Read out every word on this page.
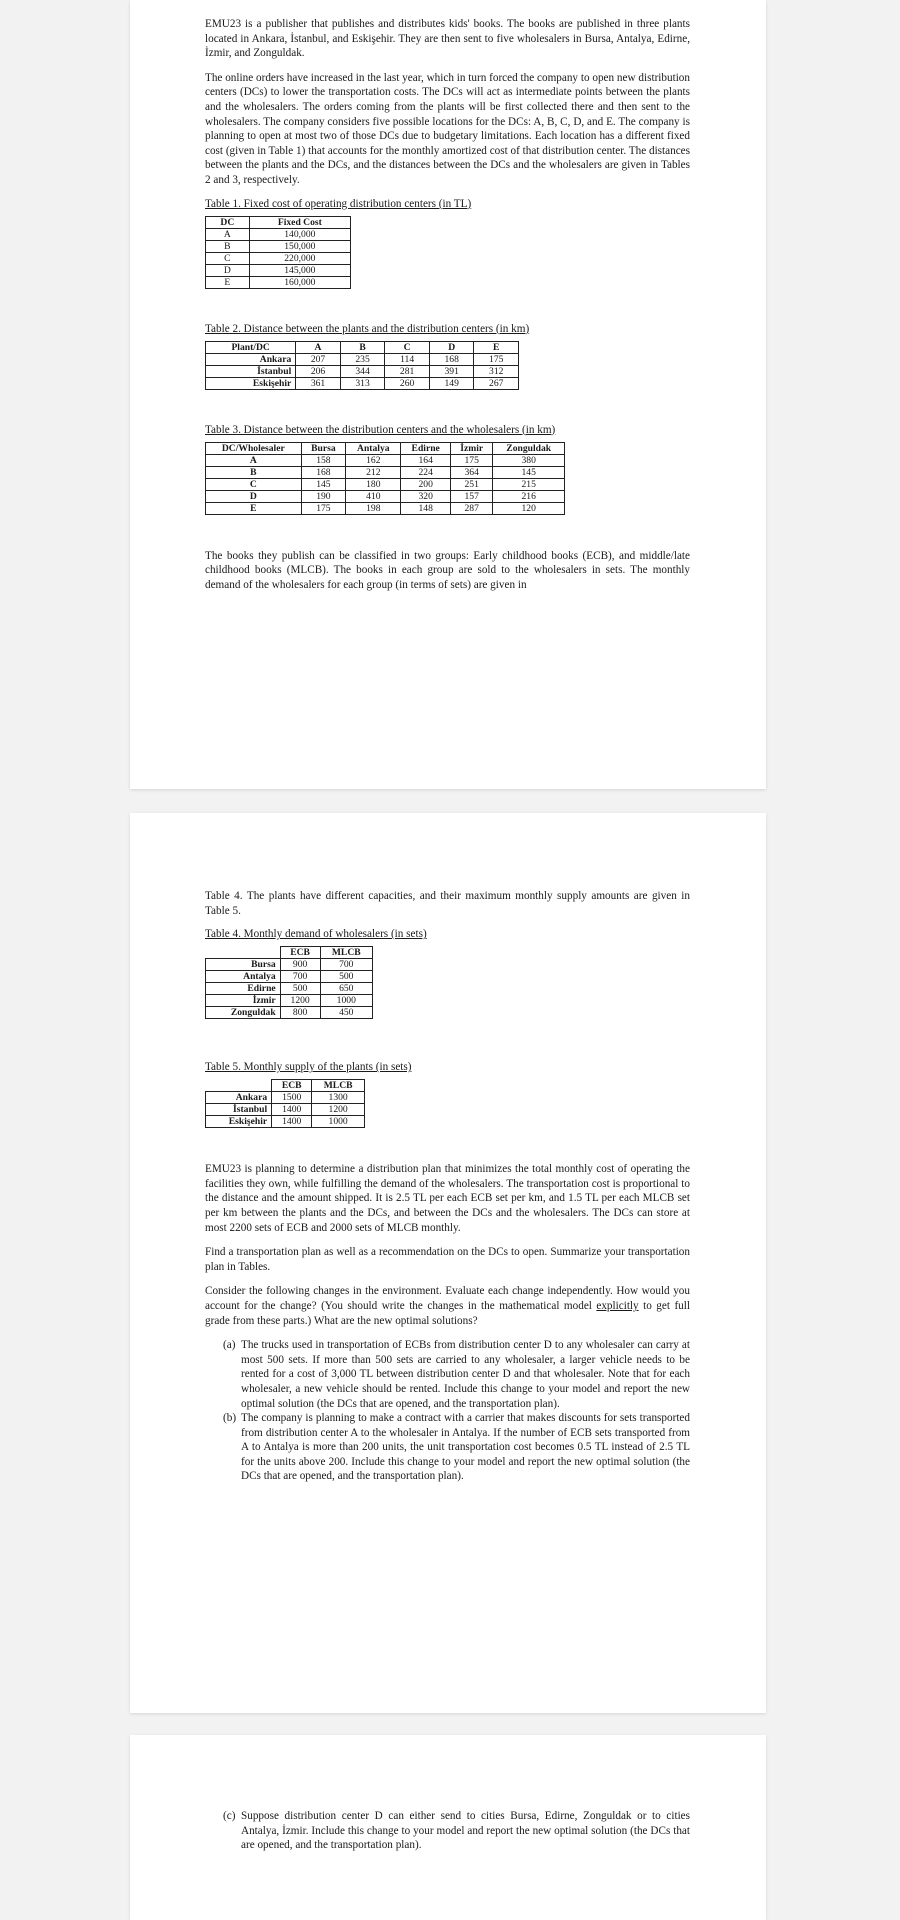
EMU23 is a publisher that publishes and distributes kids' books. The books are published in three plants located in Ankara, İstanbul, and Eskişehir. They are then sent to five wholesalers in Bursa, Antalya, Edirne, İzmir, and Zonguldak.

The online orders have increased in the last year, which in turn forced the company to open new distribution centers (DCs) to lower the transportation costs. The DCs will act as intermediate points between the plants and the wholesalers. The orders coming from the plants will be first collected there and then sent to the wholesalers. The company considers five possible locations for the DCs: A, B, C, D, and E. The company is planning to open at most two of those DCs due to budgetary limitations. Each location has a different fixed cost (given in Table 1) that accounts for the monthly amortized cost of that distribution center. The distances between the plants and the DCs, and the distances between the DCs and the wholesalers are given in Tables 2 and 3, respectively.

Table 1. Fixed cost of operating distribution centers (in TL)
DC	Fixed Cost
A	140,000
B	150,000
C	220,000
D	145,000
E	160,000
Table 2. Distance between the plants and the distribution centers (in km)
Plant/DC	A	B	C	D	E
Ankara	207	235	114	168	175
İstanbul	206	344	281	391	312
Eskişehir	361	313	260	149	267
Table 3. Distance between the distribution centers and the wholesalers (in km)
DC/Wholesaler	Bursa	Antalya	Edirne	İzmir	Zonguldak
A	158	162	164	175	380
B	168	212	224	364	145
C	145	180	200	251	215
D	190	410	320	157	216
E	175	198	148	287	120

The books they publish can be classified in two groups: Early childhood books (ECB), and middle/late childhood books (MLCB). The books in each group are sold to the wholesalers in sets. The monthly demand of the wholesalers for each group (in terms of sets) are given in

Table 4. The plants have different capacities, and their maximum monthly supply amounts are given in Table 5.

Table 4. Monthly demand of wholesalers (in sets)
	ECB	MLCB
Bursa	900	700
Antalya	700	500
Edirne	500	650
İzmir	1200	1000
Zonguldak	800	450
Table 5. Monthly supply of the plants (in sets)
	ECB	MLCB
Ankara	1500	1300
İstanbul	1400	1200
Eskişehir	1400	1000

EMU23 is planning to determine a distribution plan that minimizes the total monthly cost of operating the facilities they own, while fulfilling the demand of the wholesalers. The transportation cost is proportional to the distance and the amount shipped. It is 2.5 TL per each ECB set per km, and 1.5 TL per each MLCB set per km between the plants and the DCs, and between the DCs and the wholesalers. The DCs can store at most 2200 sets of ECB and 2000 sets of MLCB monthly.

Find a transportation plan as well as a recommendation on the DCs to open. Summarize your transportation plan in Tables.

Consider the following changes in the environment. Evaluate each change independently. How would you account for the change? (You should write the changes in the mathematical model explicitly to get full grade from these parts.) What are the new optimal solutions?

(a) The trucks used in transportation of ECBs from distribution center D to any wholesaler can carry at most 500 sets. If more than 500 sets are carried to any wholesaler, a larger vehicle needs to be rented for a cost of 3,000 TL between distribution center D and that wholesaler. Note that for each wholesaler, a new vehicle should be rented. Include this change to your model and report the new optimal solution (the DCs that are opened, and the transportation plan).
(b) The company is planning to make a contract with a carrier that makes discounts for sets transported from distribution center A to the wholesaler in Antalya. If the number of ECB sets transported from A to Antalya is more than 200 units, the unit transportation cost becomes 0.5 TL instead of 2.5 TL for the units above 200. Include this change to your model and report the new optimal solution (the DCs that are opened, and the transportation plan).
(c) Suppose distribution center D can either send to cities Bursa, Edirne, Zonguldak or to cities Antalya, İzmir. Include this change to your model and report the new optimal solution (the DCs that are opened, and the transportation plan).
